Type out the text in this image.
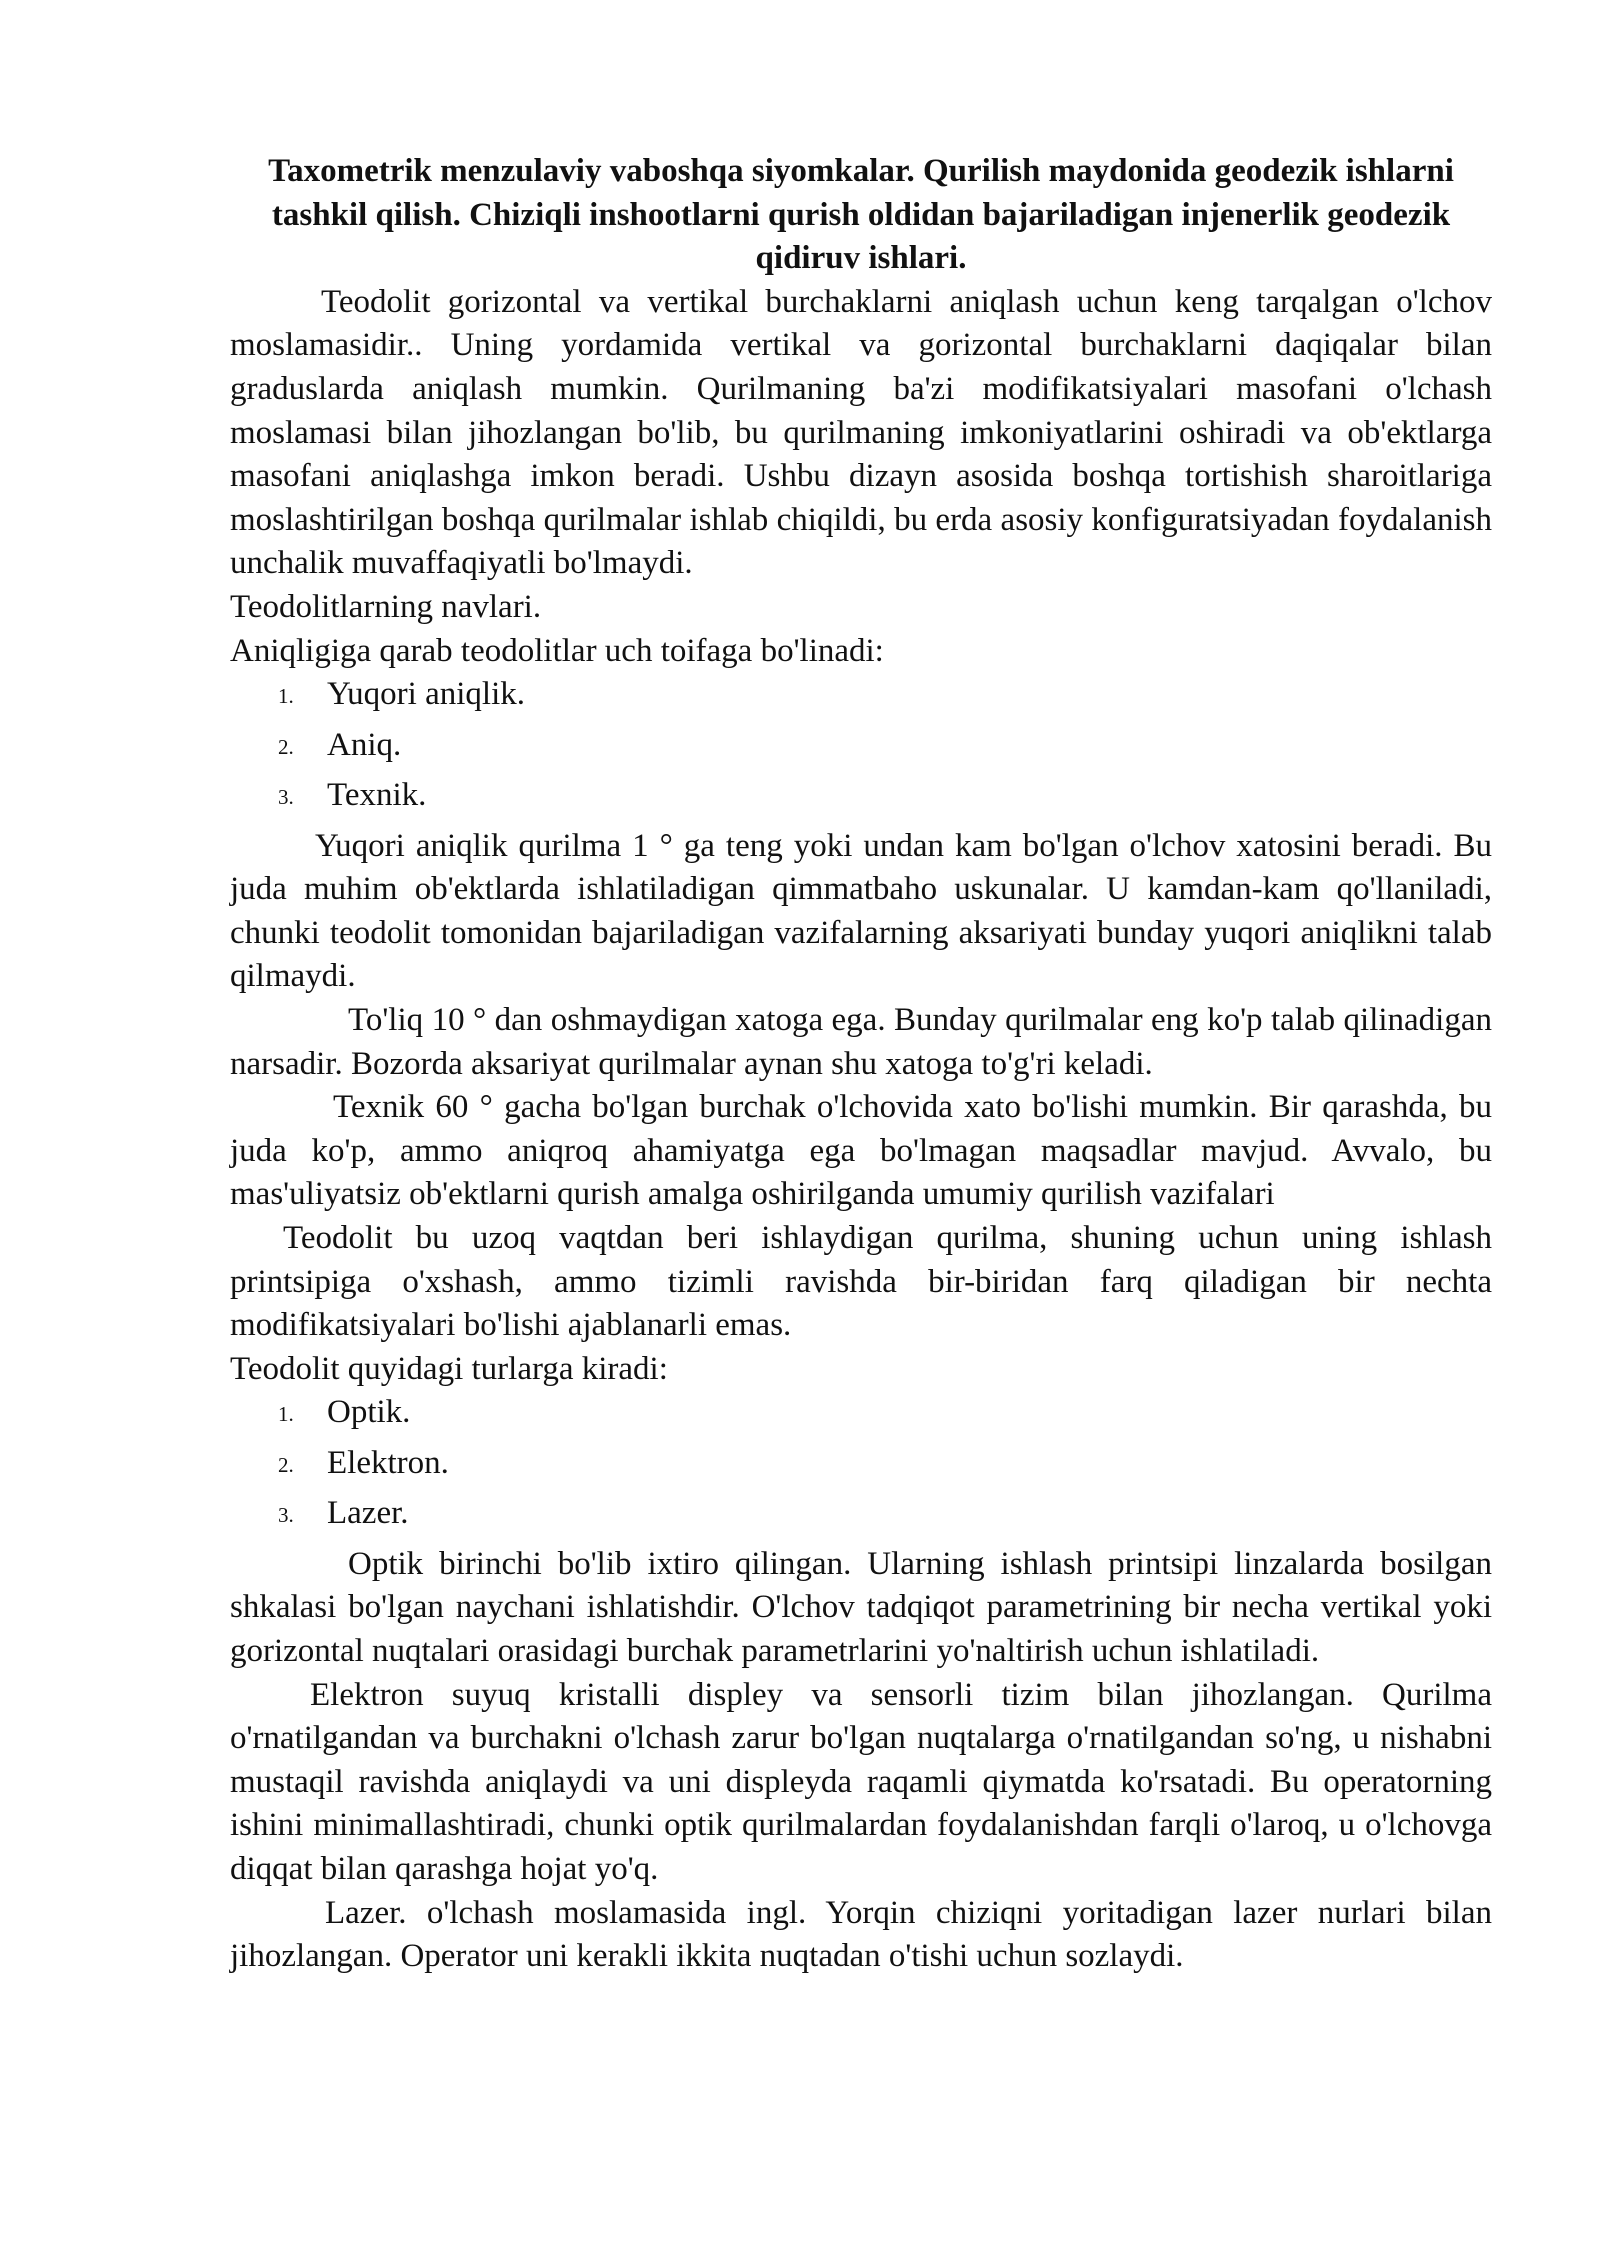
Taxometrik menzulaviy vaboshqa siyomkalar. Qurilish maydonida geodezik ishlarni tashkil qilish. Chiziqli inshootlarni qurish oldidan bajariladigan injenerlik geodezik qidiruv ishlari.

Teodolit gorizontal va vertikal burchaklarni aniqlash uchun keng tarqalgan o'lchov moslamasidir.. Uning yordamida vertikal va gorizontal burchaklarni daqiqalar bilan graduslarda aniqlash mumkin. Qurilmaning ba'zi modifikatsiyalari masofani o'lchash moslamasi bilan jihozlangan bo'lib, bu qurilmaning imkoniyatlarini oshiradi va ob'ektlarga masofani aniqlashga imkon beradi. Ushbu dizayn asosida boshqa tortishish sharoitlariga moslashtirilgan boshqa qurilmalar ishlab chiqildi, bu erda asosiy konfiguratsiyadan foydalanish unchalik muvaffaqiyatli bo'lmaydi.

Teodolitlarning navlari.

Aniqligiga qarab teodolitlar uch toifaga bo'linadi:

1. Yuqori aniqlik.
2. Aniq.
3. Texnik.

Yuqori aniqlik qurilma 1 ° ga teng yoki undan kam bo'lgan o'lchov xatosini beradi. Bu juda muhim ob'ektlarda ishlatiladigan qimmatbaho uskunalar. U kamdan-kam qo'llaniladi, chunki teodolit tomonidan bajariladigan vazifalarning aksariyati bunday yuqori aniqlikni talab qilmaydi.

To'liq 10 ° dan oshmaydigan xatoga ega. Bunday qurilmalar eng ko'p talab qilinadigan narsadir. Bozorda aksariyat qurilmalar aynan shu xatoga to'g'ri keladi.

Texnik 60 ° gacha bo'lgan burchak o'lchovida xato bo'lishi mumkin. Bir qarashda, bu juda ko'p, ammo aniqroq ahamiyatga ega bo'lmagan maqsadlar mavjud. Avvalo, bu mas'uliyatsiz ob'ektlarni qurish amalga oshirilganda umumiy qurilish vazifalari

Teodolit bu uzoq vaqtdan beri ishlaydigan qurilma, shuning uchun uning ishlash printsipiga o'xshash, ammo tizimli ravishda bir-biridan farq qiladigan bir nechta modifikatsiyalari bo'lishi ajablanarli emas.

Teodolit quyidagi turlarga kiradi:

1. Optik.
2. Elektron.
3. Lazer.

Optik birinchi bo'lib ixtiro qilingan. Ularning ishlash printsipi linzalarda bosilgan shkalasi bo'lgan naychani ishlatishdir. O'lchov tadqiqot parametrining bir necha vertikal yoki gorizontal nuqtalari orasidagi burchak parametrlarini yo'naltirish uchun ishlatiladi.

Elektron suyuq kristalli displey va sensorli tizim bilan jihozlangan. Qurilma o'rnatilgandan va burchakni o'lchash zarur bo'lgan nuqtalarga o'rnatilgandan so'ng, u nishabni mustaqil ravishda aniqlaydi va uni displeyda raqamli qiymatda ko'rsatadi. Bu operatorning ishini minimallashtiradi, chunki optik qurilmalardan foydalanishdan farqli o'laroq, u o'lchovga diqqat bilan qarashga hojat yo'q.

Lazer. o'lchash moslamasida ingl. Yorqin chiziqni yoritadigan lazer nurlari bilan jihozlangan. Operator uni kerakli ikkita nuqtadan o'tishi uchun sozlaydi.
